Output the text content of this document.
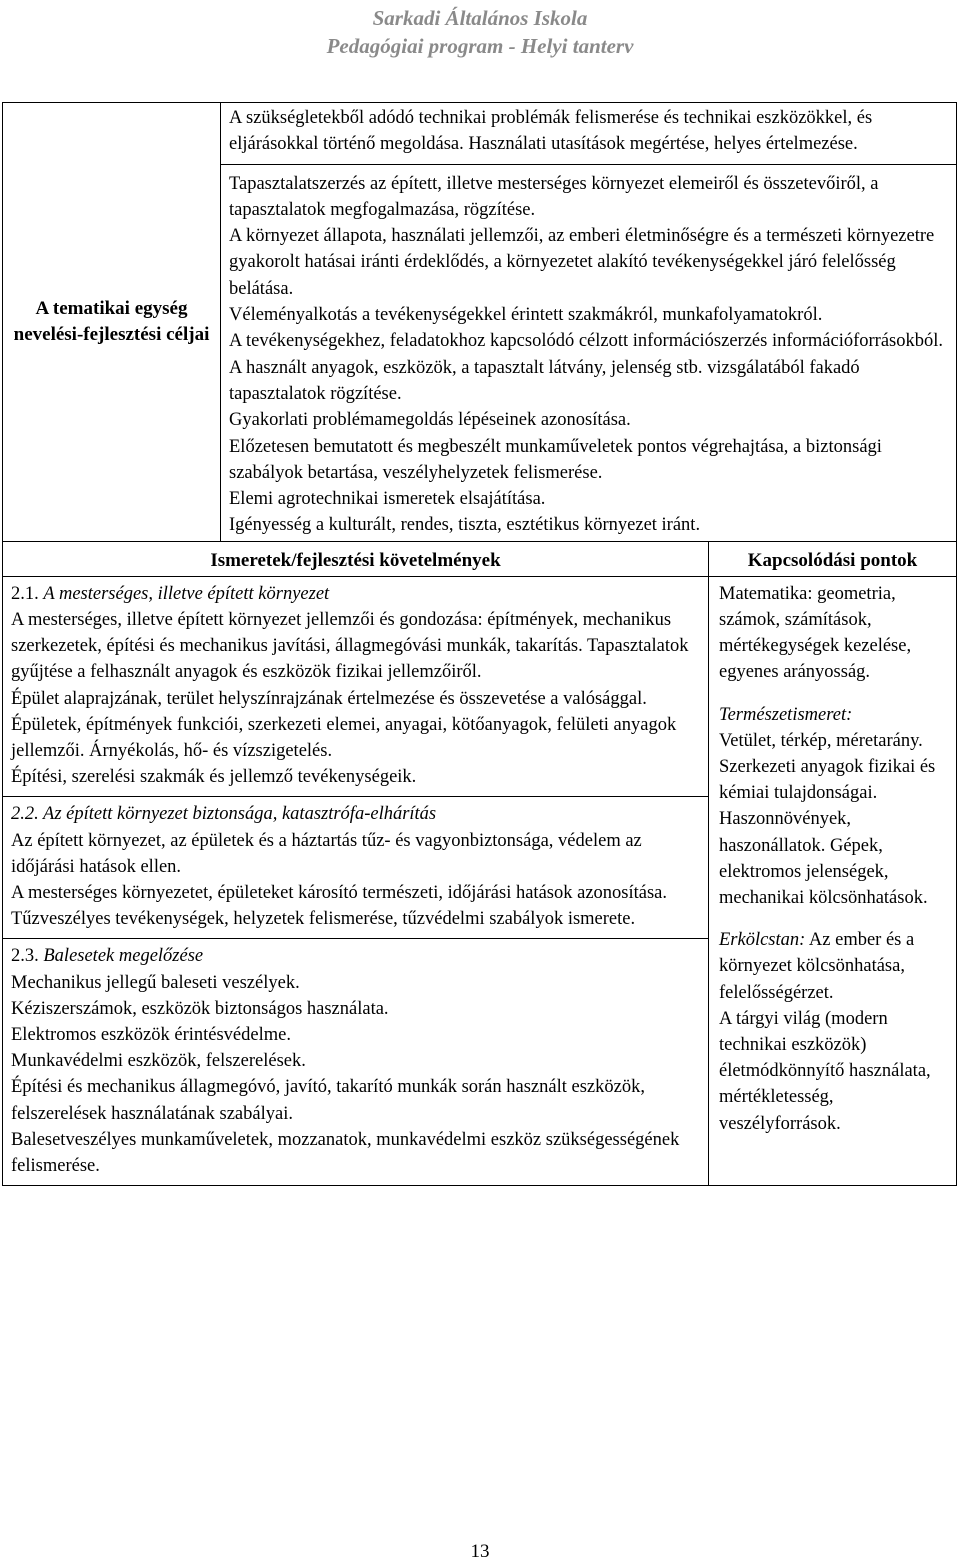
Sarkadi Általános Iskola
Pedagógiai program - Helyi tanterv
A tematikai egység nevelési-fejlesztési céljai

A szükségletekből adódó technikai problémák felismerése és technikai eszközökkel, és eljárásokkal történő megoldása. Használati utasítások megértése, helyes értelmezése.

Tapasztalatszerzés az épített, illetve mesterséges környezet elemeiről és összetevőiről, a tapasztalatok megfogalmazása, rögzítése.

A környezet állapota, használati jellemzői, az emberi életminőségre és a természeti környezetre gyakorolt hatásai iránti érdeklődés, a környezetet alakító tevékenységekkel járó felelősség belátása.

Véleményalkotás a tevékenységekkel érintett szakmákról, munkafolyamatokról.

A tevékenységekhez, feladatokhoz kapcsolódó célzott információszerzés információforrásokból. A használt anyagok, eszközök, a tapasztalt látvány, jelenség stb. vizsgálatából fakadó tapasztalatok rögzítése.

Gyakorlati problémamegoldás lépéseinek azonosítása.

Előzetesen bemutatott és megbeszélt munkaműveletek pontos végrehajtása, a biztonsági szabályok betartása, veszélyhelyzetek felismerése.

Elemi agrotechnikai ismeretek elsajátítása.

Igényesség a kulturált, rendes, tiszta, esztétikus környezet iránt.

Ismeretek/fejlesztési követelmények	Kapcsolódási pontok

2.1. A mesterséges, illetve épített környezet

A mesterséges, illetve épített környezet jellemzői és gondozása: építmények, mechanikus szerkezetek, építési és mechanikus javítási, állagmegóvási munkák, takarítás. Tapasztalatok gyűjtése a felhasznált anyagok és eszközök fizikai jellemzőiről.

Épület alaprajzának, terület helyszínrajzának értelmezése és összevetése a valósággal.

Épületek, építmények funkciói, szerkezeti elemei, anyagai, kötőanyagok, felületi anyagok jellemzői. Árnyékolás, hő- és vízszigetelés.

Építési, szerelési szakmák és jellemző tevékenységeik.

2.2. Az épített környezet biztonsága, katasztrófa-elhárítás

Az épített környezet, az épületek és a háztartás tűz- és vagyonbiztonsága, védelem az időjárási hatások ellen.

A mesterséges környezetet, épületeket károsító természeti, időjárási hatások azonosítása.

Tűzveszélyes tevékenységek, helyzetek felismerése, tűzvédelmi szabályok ismerete.

2.3. Balesetek megelőzése

Mechanikus jellegű baleseti veszélyek.

Kéziszerszámok, eszközök biztonságos használata.

Elektromos eszközök érintésvédelme.

Munkavédelmi eszközök, felszerelések.

Építési és mechanikus állagmegóvó, javító, takarító munkák során használt eszközök, felszerelések használatának szabályai.

Balesetveszélyes munkaműveletek, mozzanatok, munkavédelmi eszköz szükségességének felismerése.

Matematika: geometria, számok, számítások, mértékegységek kezelése, egyenes arányosság.

Természetismeret:
Vetület, térkép, méretarány. Szerkezeti anyagok fizikai és kémiai tulajdonságai. Haszonnövények, haszonállatok. Gépek, elektromos jelenségek, mechanikai kölcsönhatások.

Erkölcstan: Az ember és a környezet kölcsönhatása, felelősségérzet.

A tárgyi világ (modern technikai eszközök) életmódkönnyítő használata, mértékletesség, veszélyforrások.

13
